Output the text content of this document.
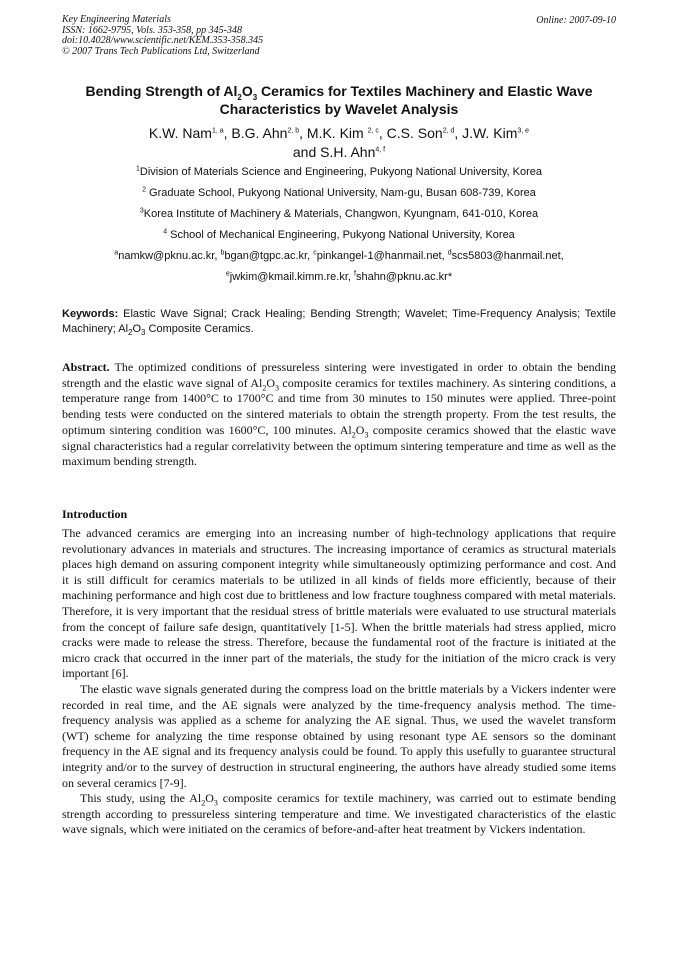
Key Engineering Materials
ISSN: 1662-9795, Vols. 353-358, pp 345-348
doi:10.4028/www.scientific.net/KEM.353-358.345
© 2007 Trans Tech Publications Ltd, Switzerland
Online: 2007-09-10
Bending Strength of $Al_2O_3$ Ceramics for Textiles Machinery and Elastic Wave Characteristics by Wavelet Analysis
K.W. Nam$^{1, a}$, B.G. Ahn$^{2, b}$, M.K. Kim $^{2, c}$, C.S. Son$^{2, d}$, J.W. Kim$^{3, e}$
and S.H. Ahn$^{4, f}$
$^1$Division of Materials Science and Engineering, Pukyong National University, Korea
$^2$ Graduate School, Pukyong National University, Nam-gu, Busan 608-739, Korea
$^3$Korea Institute of Machinery & Materials, Changwon, Kyungnam, 641-010, Korea
$^4$ School of Mechanical Engineering, Pukyong National University, Korea
$^a$namkw@pknu.ac.kr, $^b$bgan@tgpc.ac.kr, $^c$pinkangel-1@hanmail.net, $^d$scs5803@hanmail.net,
$^e$jwkim@kmail.kimm.re.kr, $^f$shahn@pknu.ac.kr*
Keywords: Elastic Wave Signal; Crack Healing; Bending Strength; Wavelet; Time-Frequency Analysis; Textile Machinery; $Al_2O_3$ Composite Ceramics.
Abstract. The optimized conditions of pressureless sintering were investigated in order to obtain the bending strength and the elastic wave signal of $Al_2O_3$ composite ceramics for textiles machinery. As sintering conditions, a temperature range from 1400°C to 1700°C and time from 30 minutes to 150 minutes were applied. Three-point bending tests were conducted on the sintered materials to obtain the strength property. From the test results, the optimum sintering condition was 1600°C, 100 minutes. $Al_2O_3$ composite ceramics showed that the elastic wave signal characteristics had a regular correlativity between the optimum sintering temperature and time as well as the maximum bending strength.
Introduction

The advanced ceramics are emerging into an increasing number of high-technology applications that require revolutionary advances in materials and structures. The increasing importance of ceramics as structural materials places high demand on assuring component integrity while simultaneously optimizing performance and cost. And it is still difficult for ceramics materials to be utilized in all kinds of fields more efficiently, because of their machining performance and high cost due to brittleness and low fracture toughness compared with metal materials. Therefore, it is very important that the residual stress of brittle materials were evaluated to use structural materials from the concept of failure safe design, quantitatively [1-5]. When the brittle materials had stress applied, micro cracks were made to release the stress. Therefore, because the fundamental root of the fracture is initiated at the micro crack that occurred in the inner part of the materials, the study for the initiation of the micro crack is very important [6].

The elastic wave signals generated during the compress load on the brittle materials by a Vickers indenter were recorded in real time, and the AE signals were analyzed by the time-frequency analysis method. The time-frequency analysis was applied as a scheme for analyzing the AE signal. Thus, we used the wavelet transform (WT) scheme for analyzing the time response obtained by using resonant type AE sensors so the dominant frequency in the AE signal and its frequency analysis could be found. To apply this usefully to guarantee structural integrity and/or to the survey of destruction in structural engineering, the authors have already studied some items on several ceramics [7-9].

This study, using the $Al_2O_3$ composite ceramics for textile machinery, was carried out to estimate bending strength according to pressureless sintering temperature and time. We investigated characteristics of the elastic wave signals, which were initiated on the ceramics of before-and-after heat treatment by Vickers indentation.
